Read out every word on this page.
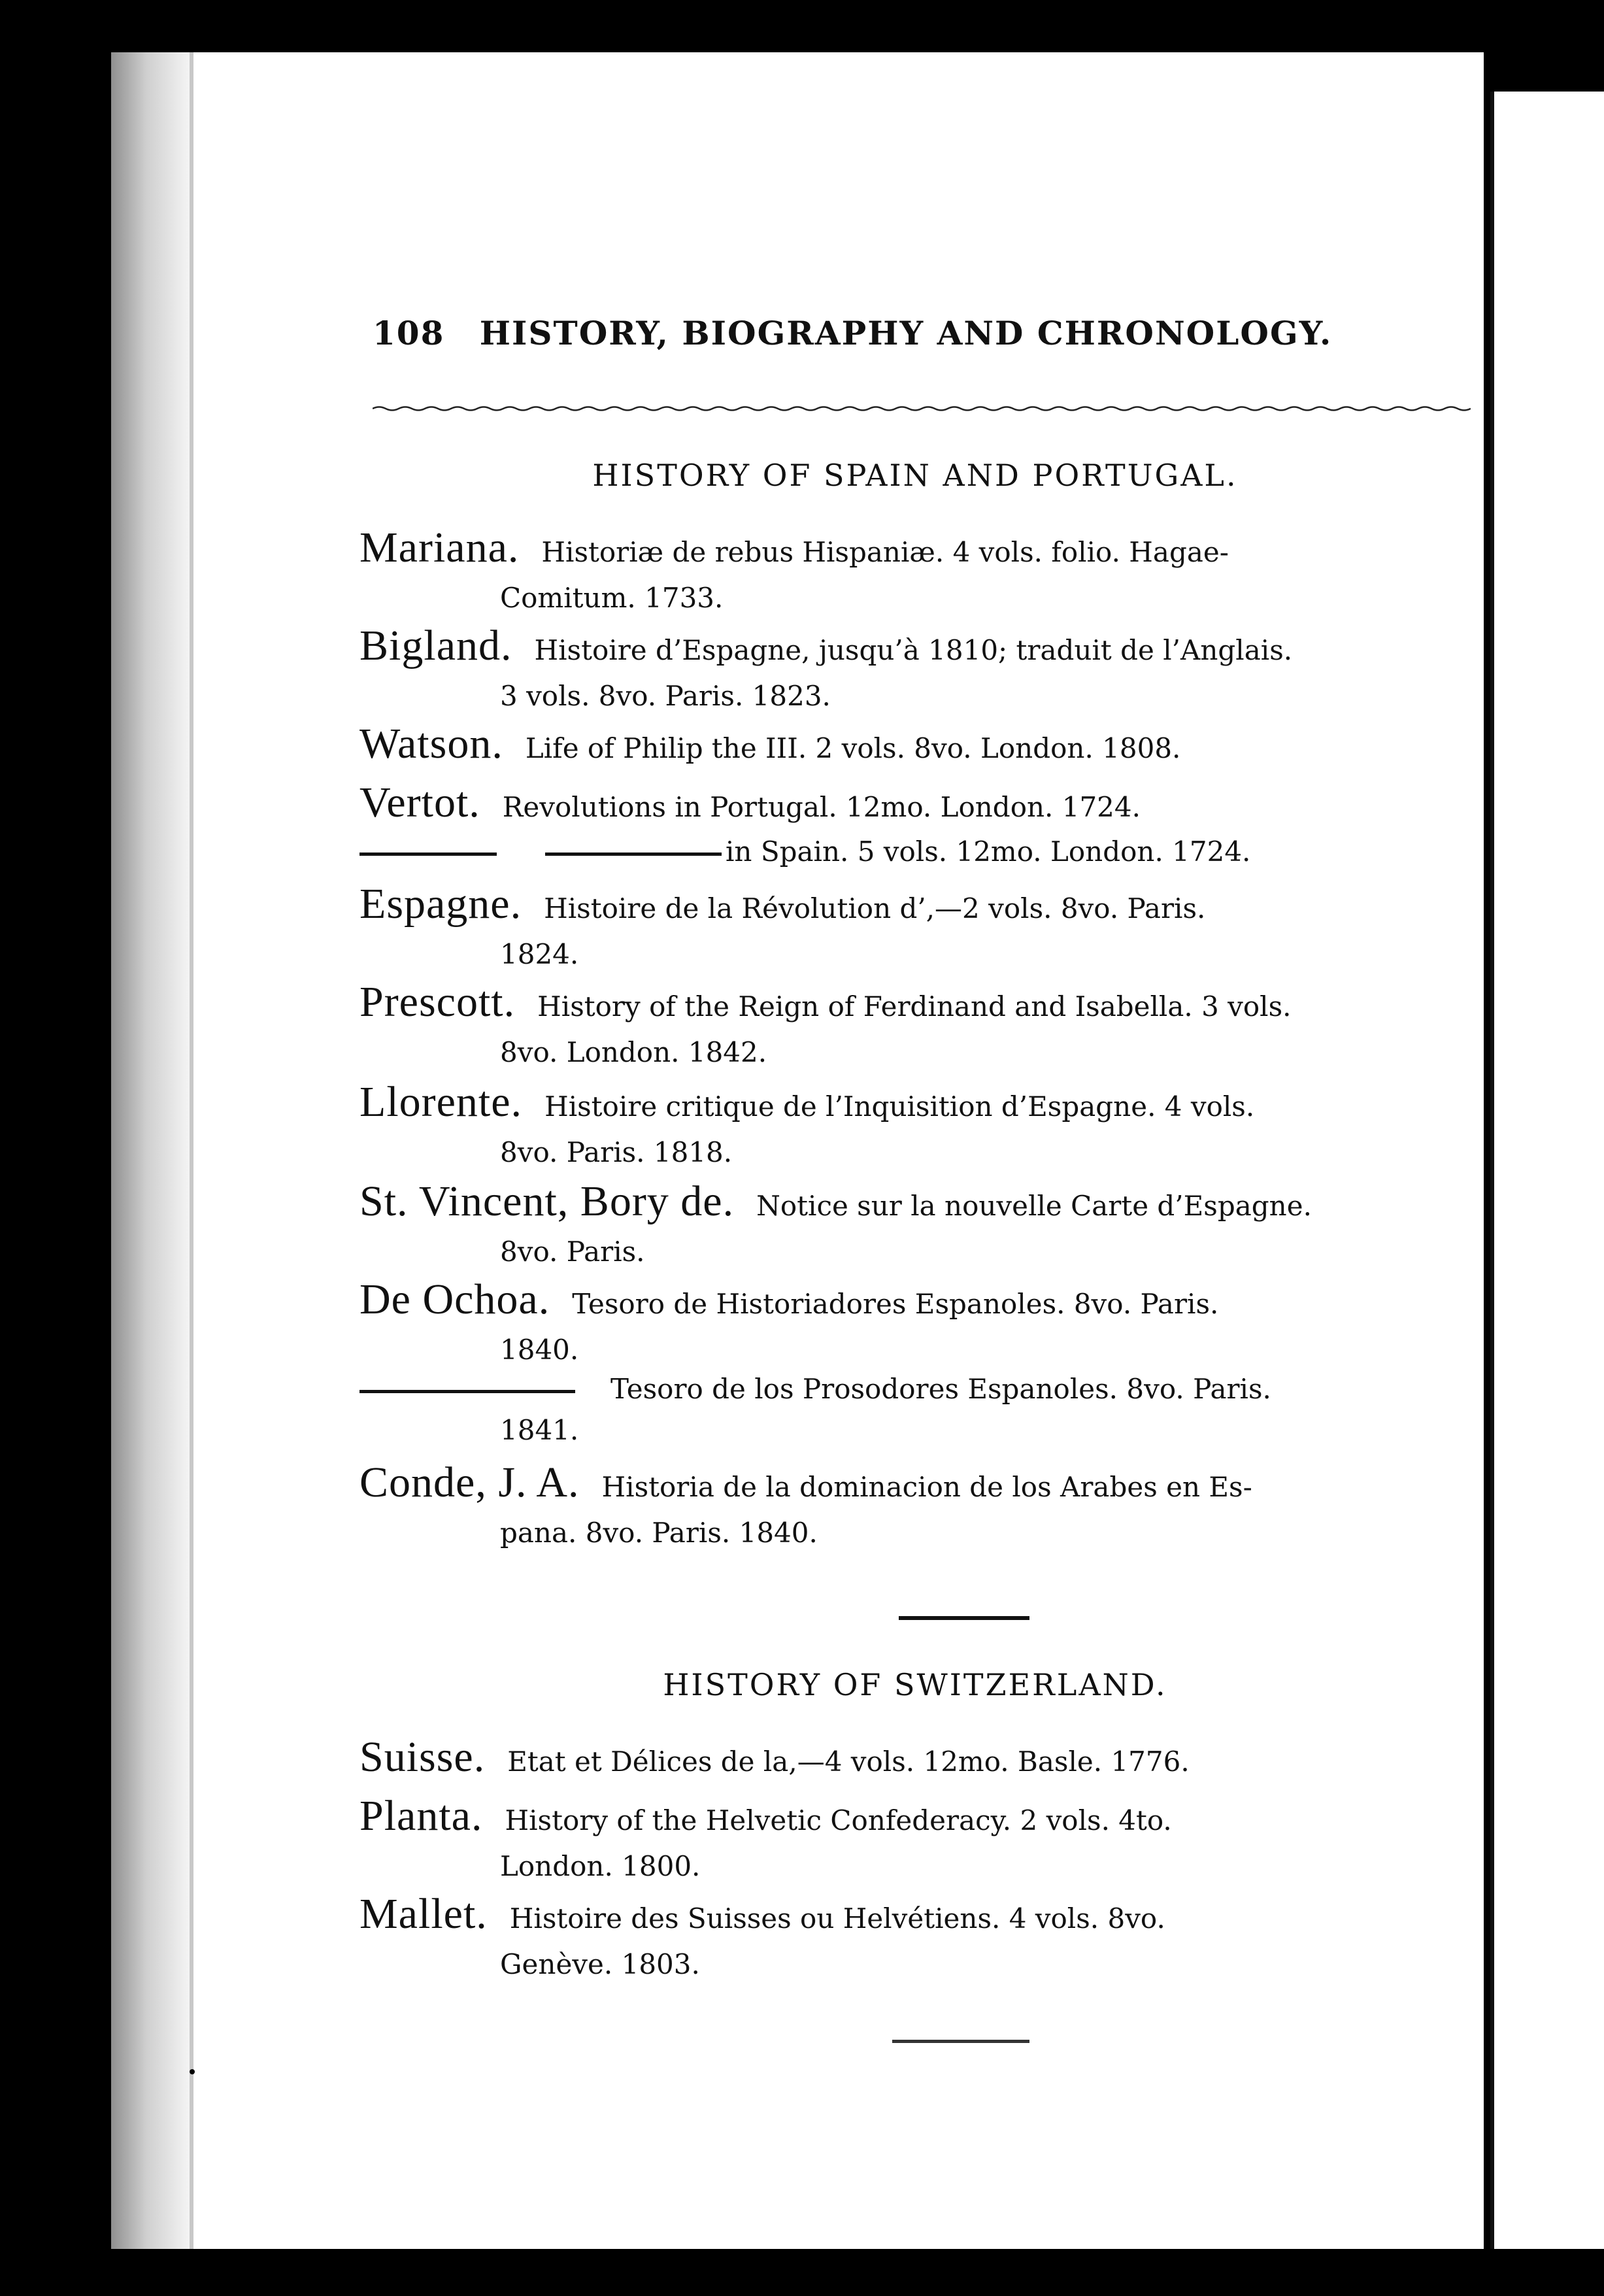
108 HISTORY, BIOGRAPHY AND CHRONOLOGY.
HISTORY OF SPAIN AND PORTUGAL.
Mariana. Historiæ de rebus Hispaniæ. 4 vols. folio. Hagae-
Comitum. 1733.
Bigland. Histoire d’Espagne, jusqu’à 1810; traduit de l’Anglais.
3 vols. 8vo. Paris. 1823.
Watson. Life of Philip the III. 2 vols. 8vo. London. 1808.
Vertot. Revolutions in Portugal. 12mo. London. 1724.
in Spain. 5 vols. 12mo. London. 1724.
Espagne. Histoire de la Révolution d’,—2 vols. 8vo. Paris.
1824.
Prescott. History of the Reign of Ferdinand and Isabella. 3 vols.
8vo. London. 1842.
Llorente. Histoire critique de l’Inquisition d’Espagne. 4 vols.
8vo. Paris. 1818.
St. Vincent, Bory de. Notice sur la nouvelle Carte d’Espagne.
8vo. Paris.
De Ochoa. Tesoro de Historiadores Espanoles. 8vo. Paris.
1840.
Tesoro de los Prosodores Espanoles. 8vo. Paris.
1841.
Conde, J. A. Historia de la dominacion de los Arabes en Es-
pana. 8vo. Paris. 1840.
HISTORY OF SWITZERLAND.
Suisse. Etat et Délices de la,—4 vols. 12mo. Basle. 1776.
Planta. History of the Helvetic Confederacy. 2 vols. 4to.
London. 1800.
Mallet. Histoire des Suisses ou Helvétiens. 4 vols. 8vo.
Genève. 1803.
